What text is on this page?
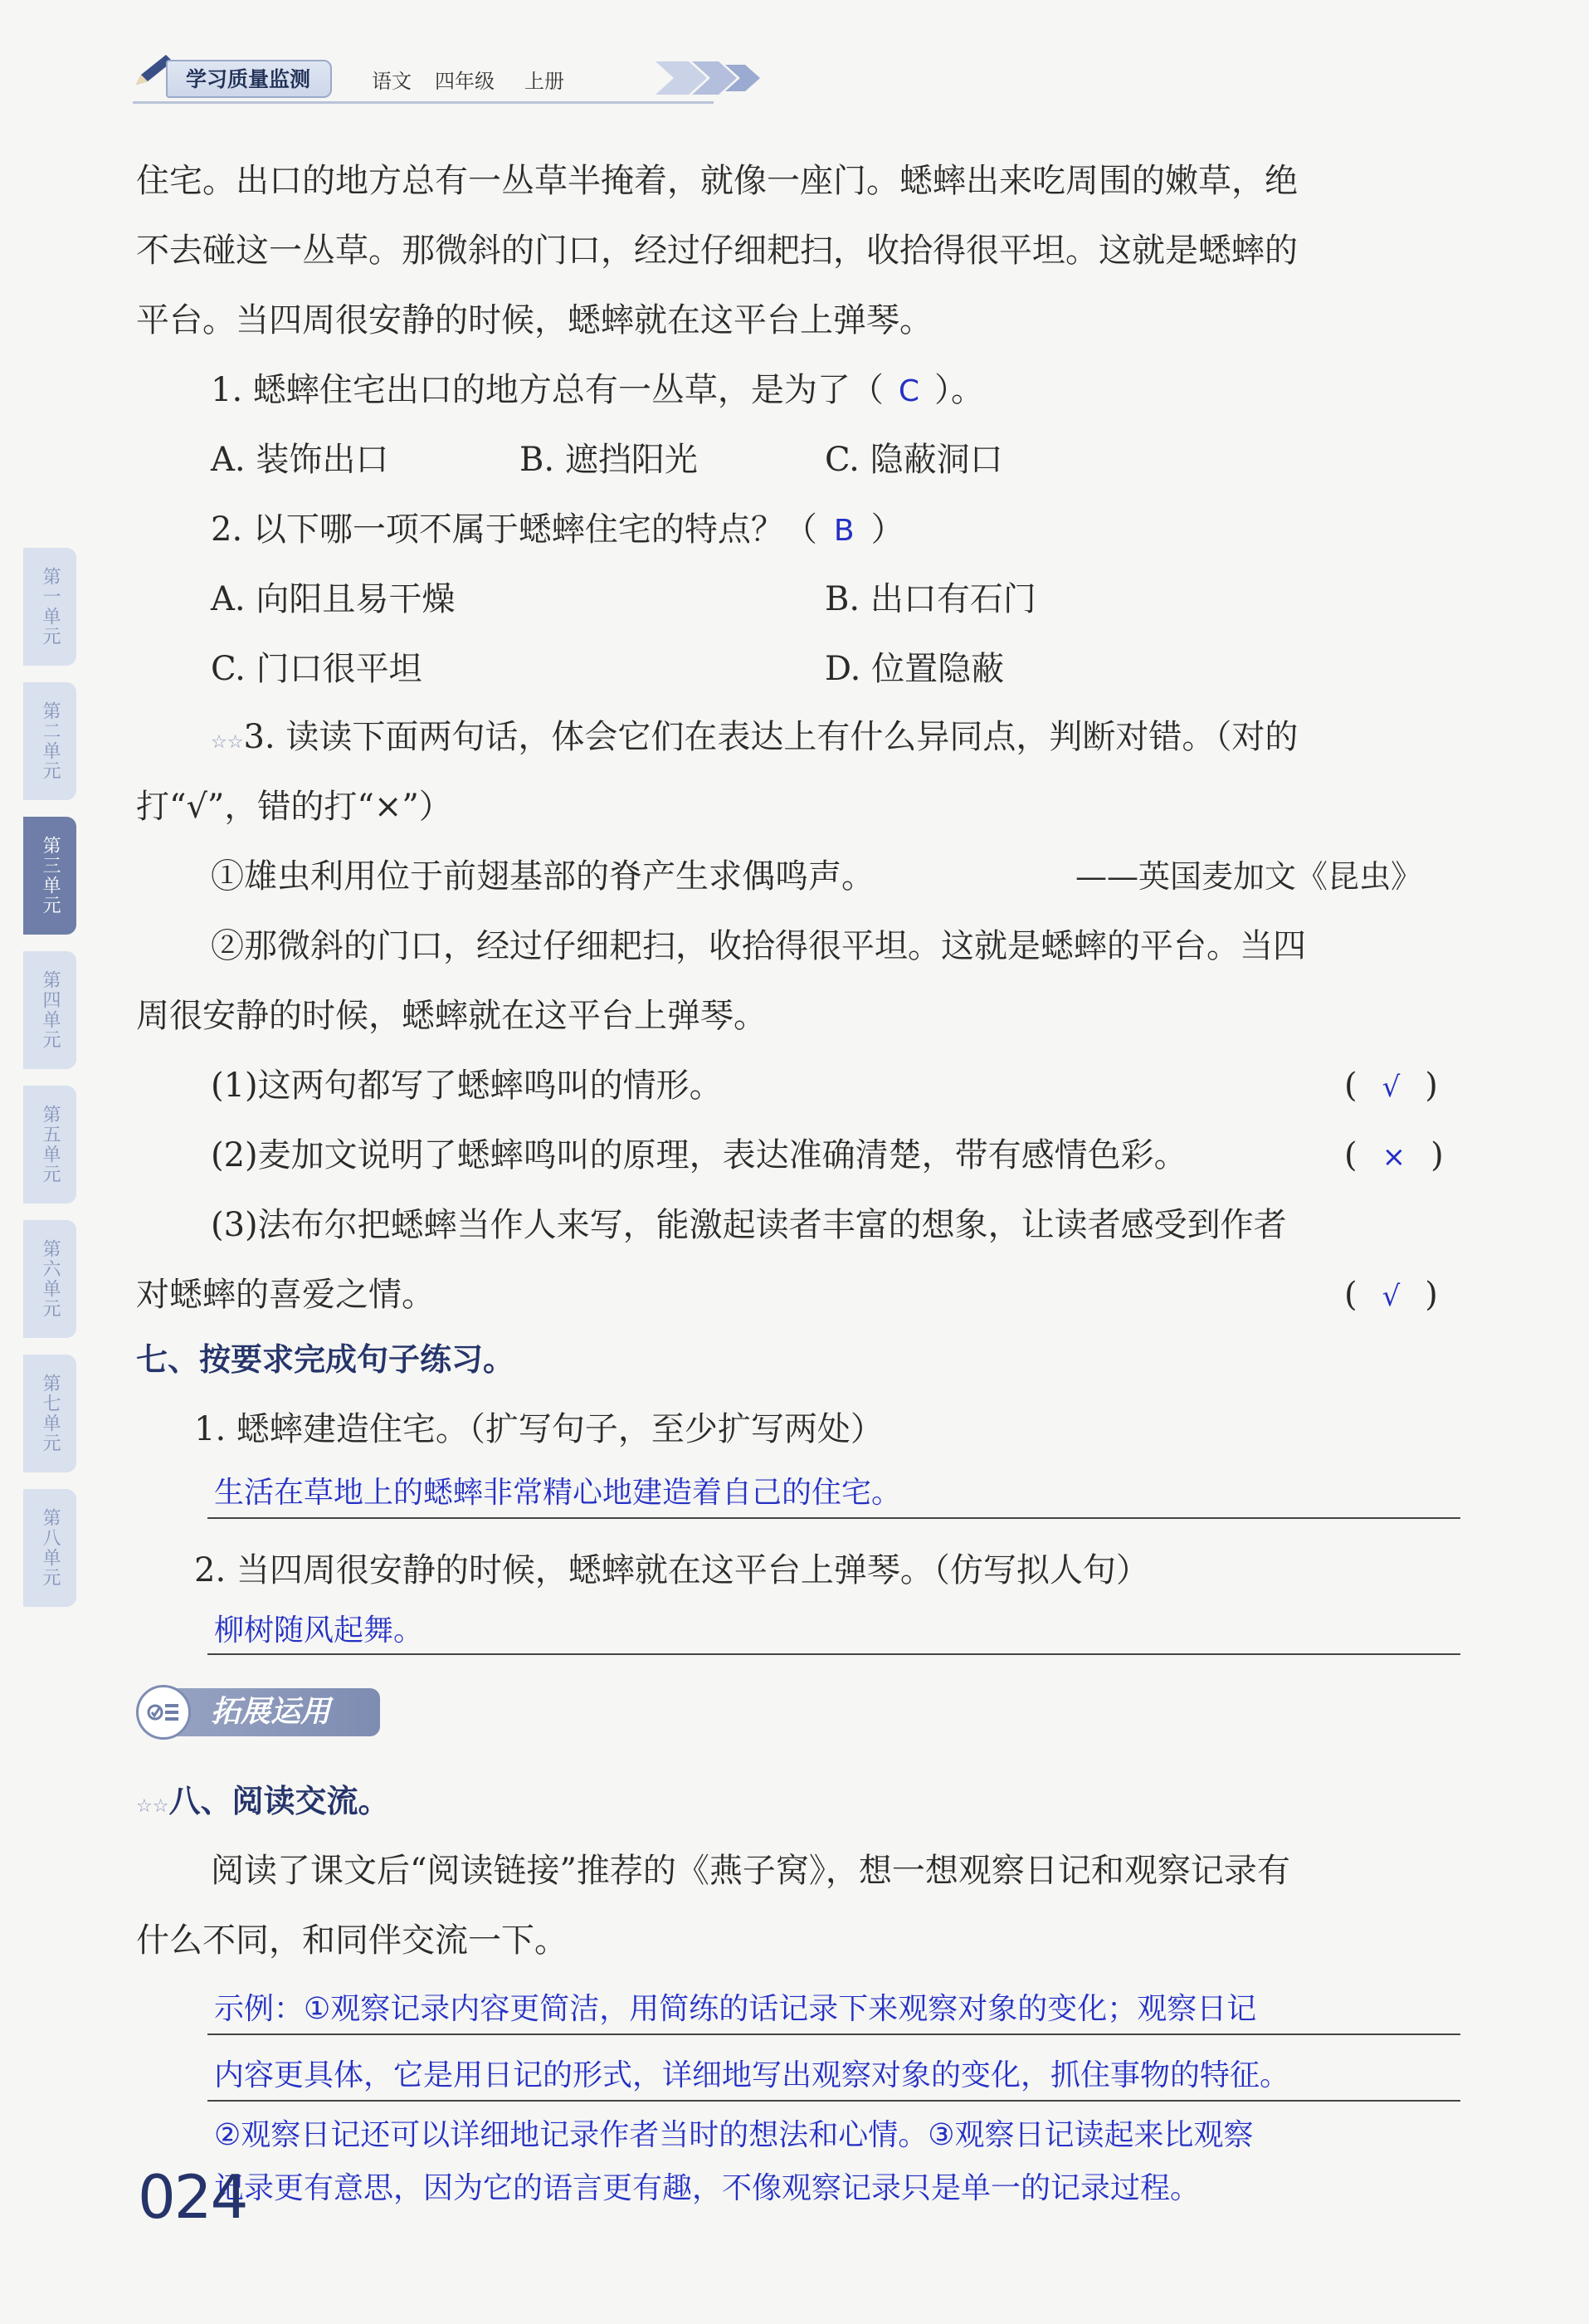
学习质量监测	语文 四年级 上册
第一单元
第二单元
第三单元
第四单元
第五单元
第六单元
第七单元
第八单元
住宅。出口的地方总有一丛草半掩着，就像一座门。蟋蟀出来吃周围的嫩草，绝
不去碰这一丛草。那微斜的门口，经过仔细耙扫，收拾得很平坦。这就是蟋蟀的
平台。当四周很安静的时候，蟋蟀就在这平台上弹琴。
1. 蟋蟀住宅出口的地方总有一丛草，是为了（ C ）。
A. 装饰出口	B. 遮挡阳光	C. 隐蔽洞口
2. 以下哪一项不属于蟋蟀住宅的特点？（ B ）
A. 向阳且易干燥	B. 出口有石门
C. 门口很平坦	D. 位置隐蔽
☆☆3. 读读下面两句话，体会它们在表达上有什么异同点，判断对错。（对的
打“√”，错的打“×”）
①雄虫利用位于前翅基部的脊产生求偶鸣声。	——英国麦加文《昆虫》
②那微斜的门口，经过仔细耙扫，收拾得很平坦。这就是蟋蟀的平台。当四
周很安静的时候，蟋蟀就在这平台上弹琴。
(1)这两句都写了蟋蟀鸣叫的情形。	( √ )
(2)麦加文说明了蟋蟀鸣叫的原理，表达准确清楚，带有感情色彩。	( × )
(3)法布尔把蟋蟀当作人来写，能激起读者丰富的想象，让读者感受到作者
对蟋蟀的喜爱之情。	( √ )
七、按要求完成句子练习。
1. 蟋蟀建造住宅。（扩写句子，至少扩写两处）
生活在草地上的蟋蟀非常精心地建造着自己的住宅。
2. 当四周很安静的时候，蟋蟀就在这平台上弹琴。（仿写拟人句）
柳树随风起舞。
拓展运用
☆☆八、阅读交流。
阅读了课文后“阅读链接”推荐的《燕子窝》，想一想观察日记和观察记录有
什么不同，和同伴交流一下。
示例：①观察记录内容更简洁，用简练的话记录下来观察对象的变化；观察日记
内容更具体，它是用日记的形式，详细地写出观察对象的变化，抓住事物的特征。
②观察日记还可以详细地记录作者当时的想法和心情。③观察日记读起来比观察
记录更有意思，因为它的语言更有趣，不像观察记录只是单一的记录过程。
024
